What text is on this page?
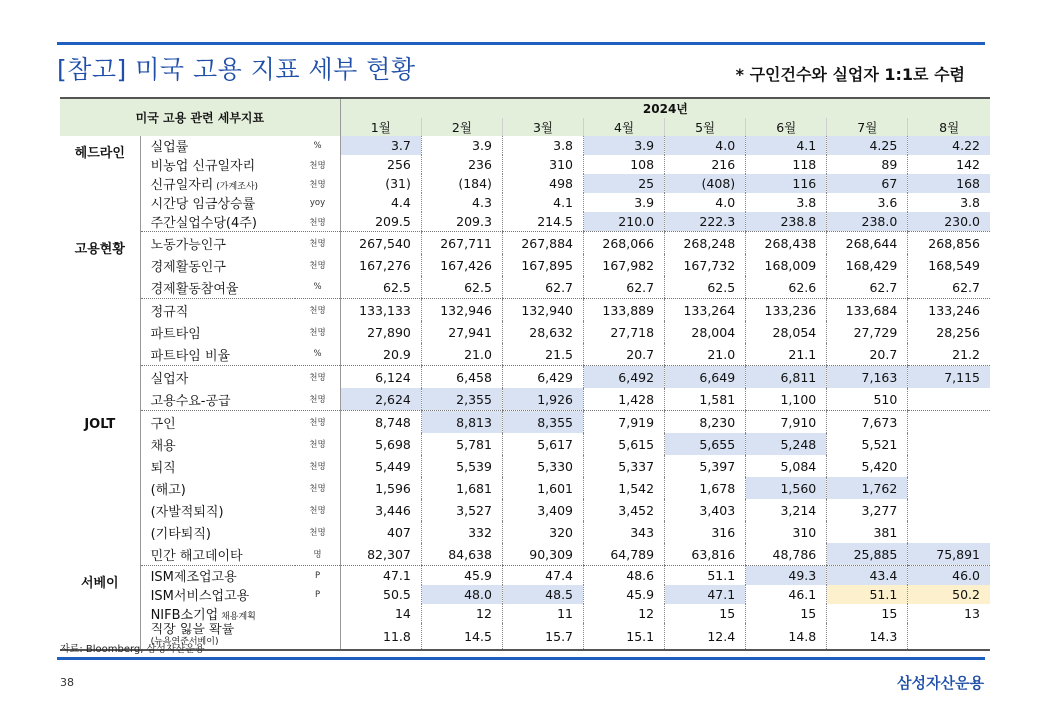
[참고] 미국 고용 지표 세부 현황	* 구인건수와 실업자 1:1로 수렴
미국 고용 관련 세부지표			2024년							
			1월	2월	3월	4월	5월	6월	7월	8월
헤드라인	실업률	%	3.7	3.9	3.8	3.9	4.0	4.1	4.25	4.22
	비농업 신규일자리	천명	256	236	310	108	216	118	89	142
	신규일자리 (가계조사)	천명	(31)	(184)	498	25	(408)	116	67	168
	시간당 임금상승률	yoy	4.4	4.3	4.1	3.9	4.0	3.8	3.6	3.8
	주간실업수당(4주)	천명	209.5	209.3	214.5	210.0	222.3	238.8	238.0	230.0
고용현황	노동가능인구	천명	267,540	267,711	267,884	268,066	268,248	268,438	268,644	268,856
	경제활동인구	천명	167,276	167,426	167,895	167,982	167,732	168,009	168,429	168,549
	경제활동참여율	%	62.5	62.5	62.7	62.7	62.5	62.6	62.7	62.7
	정규직	천명	133,133	132,946	132,940	133,889	133,264	133,236	133,684	133,246
	파트타임	천명	27,890	27,941	28,632	27,718	28,004	28,054	27,729	28,256
	파트타임 비율	%	20.9	21.0	21.5	20.7	21.0	21.1	20.7	21.2
	실업자	천명	6,124	6,458	6,429	6,492	6,649	6,811	7,163	7,115
	고용수요-공급	천명	2,624	2,355	1,926	1,428	1,581	1,100	510	
JOLT	구인	천명	8,748	8,813	8,355	7,919	8,230	7,910	7,673	
	채용	천명	5,698	5,781	5,617	5,615	5,655	5,248	5,521	
	퇴직	천명	5,449	5,539	5,330	5,337	5,397	5,084	5,420	
	(해고)	천명	1,596	1,681	1,601	1,542	1,678	1,560	1,762	
	(자발적퇴직)	천명	3,446	3,527	3,409	3,452	3,403	3,214	3,277	
	(기타퇴직)	천명	407	332	320	343	316	310	381	
	민간 해고데이타	명	82,307	84,638	90,309	64,789	63,816	48,786	25,885	75,891
서베이	ISM제조업고용	P	47.1	45.9	47.4	48.6	51.1	49.3	43.4	46.0
	ISM서비스업고용	P	50.5	48.0	48.5	45.9	47.1	46.1	51.1	50.2
	NIFB소기업 채용계획		14	12	11	12	15	15	15	13
	직장 잃을 확률
(뉴욕연준서베이)		11.8	14.5	15.7	15.1	12.4	14.8	14.3	
자료: Bloomberg, 삼성자산운용
38	삼성자산운용
